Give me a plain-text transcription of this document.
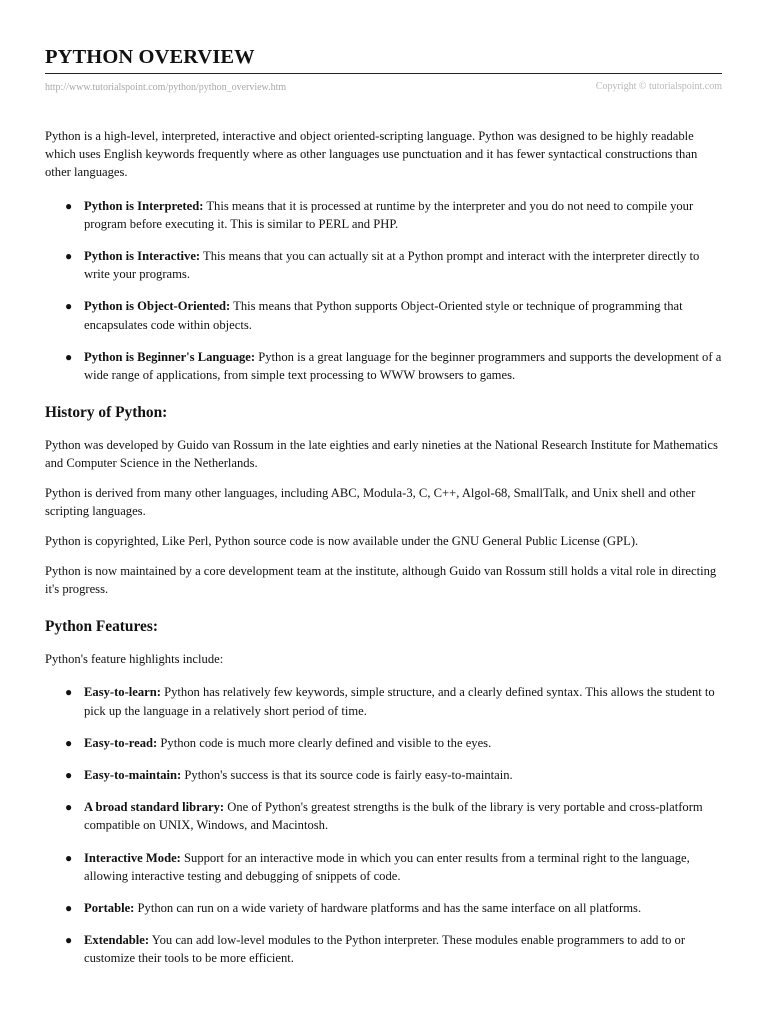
PYTHON OVERVIEW
http://www.tutorialspoint.com/python/python_overview.htm	Copyright © tutorialspoint.com

Python is a high-level, interpreted, interactive and object oriented-scripting language. Python was designed to be highly readable which uses English keywords frequently where as other languages use punctuation and it has fewer syntactical constructions than other languages.

● Python is Interpreted: This means that it is processed at runtime by the interpreter and you do not need to compile your program before executing it. This is similar to PERL and PHP.
● Python is Interactive: This means that you can actually sit at a Python prompt and interact with the interpreter directly to write your programs.
● Python is Object-Oriented: This means that Python supports Object-Oriented style or technique of programming that encapsulates code within objects.
● Python is Beginner's Language: Python is a great language for the beginner programmers and supports the development of a wide range of applications, from simple text processing to WWW browsers to games.
History of Python:

Python was developed by Guido van Rossum in the late eighties and early nineties at the National Research Institute for Mathematics and Computer Science in the Netherlands.

Python is derived from many other languages, including ABC, Modula-3, C, C++, Algol-68, SmallTalk, and Unix shell and other scripting languages.

Python is copyrighted, Like Perl, Python source code is now available under the GNU General Public License (GPL).

Python is now maintained by a core development team at the institute, although Guido van Rossum still holds a vital role in directing it's progress.

Python Features:

Python's feature highlights include:

● Easy-to-learn: Python has relatively few keywords, simple structure, and a clearly defined syntax. This allows the student to pick up the language in a relatively short period of time.
● Easy-to-read: Python code is much more clearly defined and visible to the eyes.
● Easy-to-maintain: Python's success is that its source code is fairly easy-to-maintain.
● A broad standard library: One of Python's greatest strengths is the bulk of the library is very portable and cross-platform compatible on UNIX, Windows, and Macintosh.
● Interactive Mode: Support for an interactive mode in which you can enter results from a terminal right to the language, allowing interactive testing and debugging of snippets of code.
● Portable: Python can run on a wide variety of hardware platforms and has the same interface on all platforms.
● Extendable: You can add low-level modules to the Python interpreter. These modules enable programmers to add to or customize their tools to be more efficient.
